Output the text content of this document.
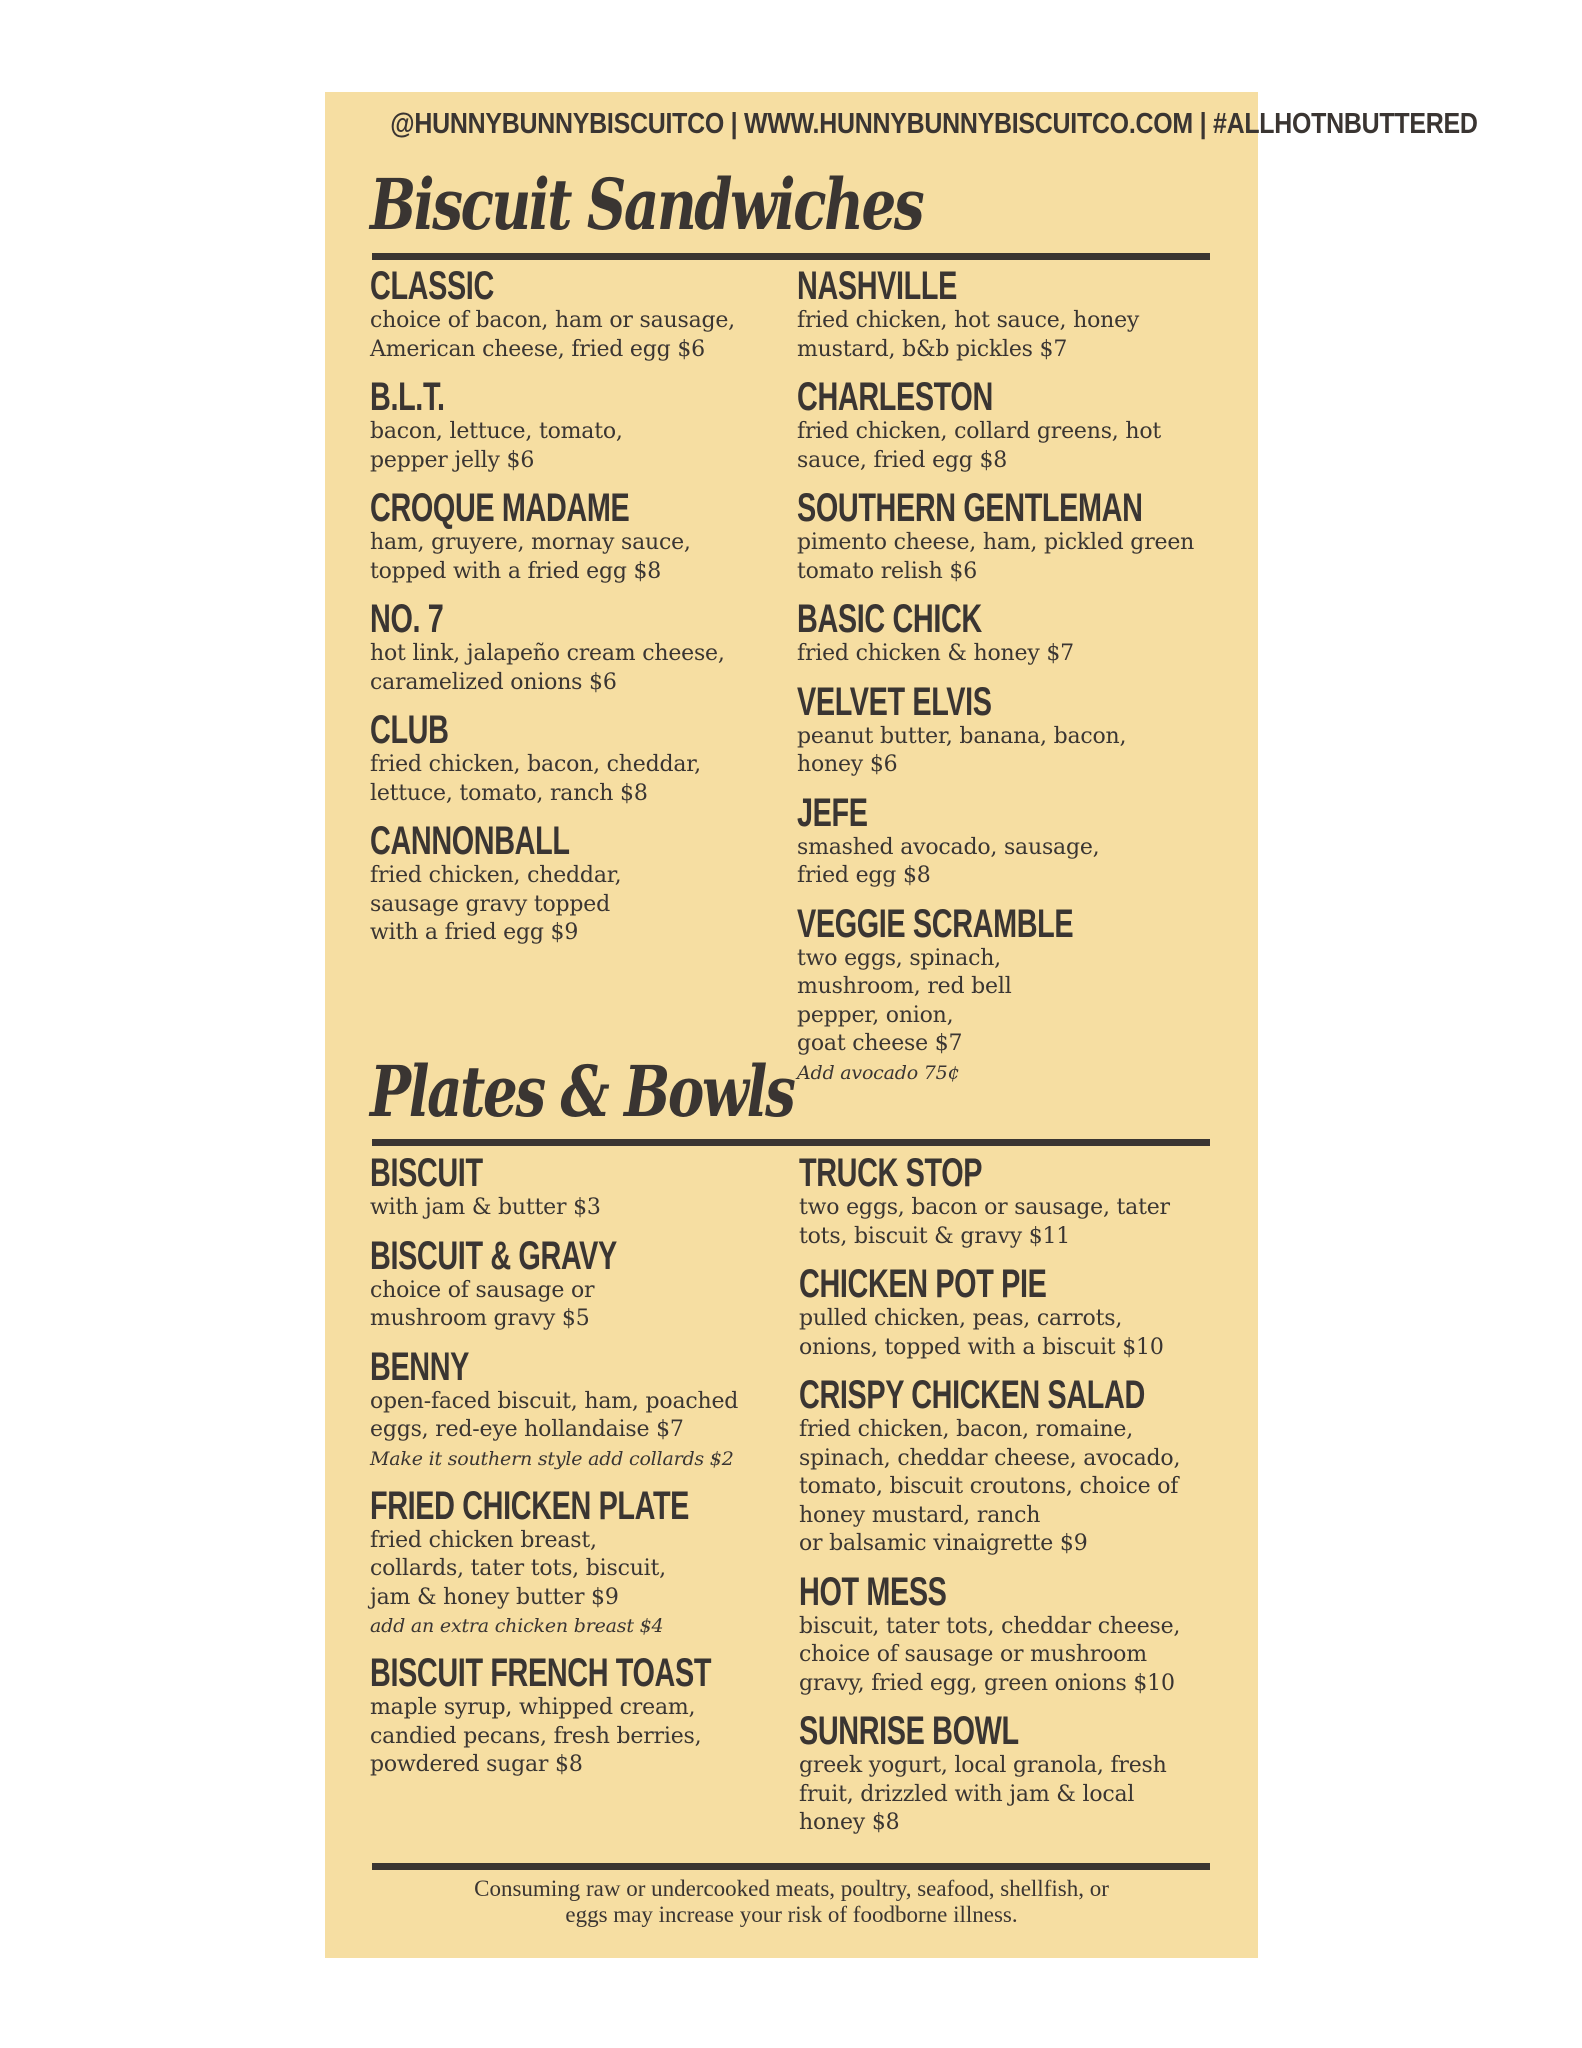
@HUNNYBUNNYBISCUITCO | WWW.HUNNYBUNNYBISCUITCO.COM | #ALLHOTNBUTTERED
Biscuit Sandwiches
CLASSIC
choice of bacon, ham or sausage,
American cheese, fried egg $6
B.L.T.
bacon, lettuce, tomato,
pepper jelly $6
CROQUE MADAME
ham, gruyere, mornay sauce,
topped with a fried egg $8
NO. 7
hot link, jalapeño cream cheese,
caramelized onions $6
CLUB
fried chicken, bacon, cheddar,
lettuce, tomato, ranch $8
CANNONBALL
fried chicken, cheddar,
sausage gravy topped
with a fried egg $9
NASHVILLE
fried chicken, hot sauce, honey
mustard, b&b pickles $7
CHARLESTON
fried chicken, collard greens, hot
sauce, fried egg $8
SOUTHERN GENTLEMAN
pimento cheese, ham, pickled green
tomato relish $6
BASIC CHICK
fried chicken & honey $7
VELVET ELVIS
peanut butter, banana, bacon,
honey $6
JEFE
smashed avocado, sausage,
fried egg $8
VEGGIE SCRAMBLE
two eggs, spinach,
mushroom, red bell
pepper, onion,
goat cheese $7
Add avocado 75¢
Plates & Bowls
BISCUIT
with jam & butter $3
BISCUIT & GRAVY
choice of sausage or
mushroom gravy $5
BENNY
open-faced biscuit, ham, poached
eggs, red-eye hollandaise $7
Make it southern style add collards $2
FRIED CHICKEN PLATE
fried chicken breast,
collards, tater tots, biscuit,
jam & honey butter $9
add an extra chicken breast $4
BISCUIT FRENCH TOAST
maple syrup, whipped cream,
candied pecans, fresh berries,
powdered sugar $8
TRUCK STOP
two eggs, bacon or sausage, tater
tots, biscuit & gravy $11
CHICKEN POT PIE
pulled chicken, peas, carrots,
onions, topped with a biscuit $10
CRISPY CHICKEN SALAD
fried chicken, bacon, romaine,
spinach, cheddar cheese, avocado,
tomato, biscuit croutons, choice of
honey mustard, ranch
or balsamic vinaigrette $9
HOT MESS
biscuit, tater tots, cheddar cheese,
choice of sausage or mushroom
gravy, fried egg, green onions $10
SUNRISE BOWL
greek yogurt, local granola, fresh
fruit, drizzled with jam & local
honey $8
Consuming raw or undercooked meats, poultry, seafood, shellfish, or
eggs may increase your risk of foodborne illness.
